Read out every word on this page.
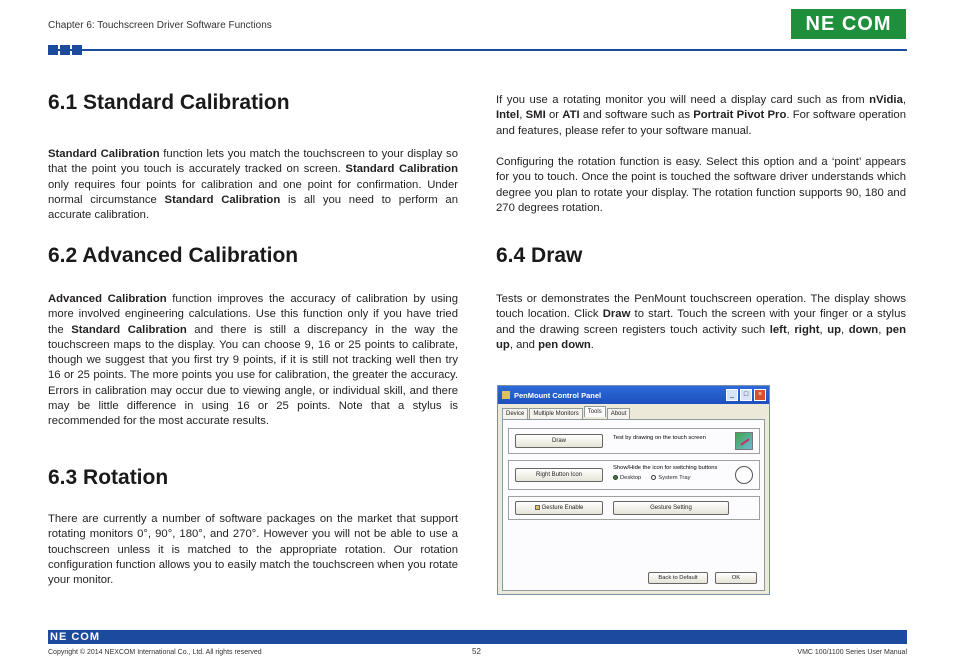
Chapter 6: Touchscreen Driver Software Functions	NE COM
6.1 Standard Calibration

Standard Calibration function lets you match the touchscreen to your display so that the point you touch is accurately tracked on screen. Standard Calibration only requires four points for calibration and one point for confirmation. Under normal circumstance Standard Calibration is all you need to perform an accurate calibration.

6.2 Advanced Calibration

Advanced Calibration function improves the accuracy of calibration by using more involved engineering calculations. Use this function only if you have tried the Standard Calibration and there is still a discrepancy in the way the touchscreen maps to the display. You can choose 9, 16 or 25 points to calibrate, though we suggest that you first try 9 points, if it is still not tracking well then try 16 or 25 points. The more points you use for calibration, the greater the accuracy. Errors in calibration may occur due to viewing angle, or individual skill, and there may be little difference in using 16 or 25 points. Note that a stylus is recommended for the most accurate results.

6.3 Rotation

There are currently a number of software packages on the market that support rotating monitors 0°, 90°, 180°, and 270°. However you will not be able to use a touchscreen unless it is matched to the appropriate rotation. Our rotation configuration function allows you to easily match the touchscreen when you rotate your monitor.

If you use a rotating monitor you will need a display card such as from nVidia, Intel, SMI or ATI and software such as Portrait Pivot Pro. For software operation and features, please refer to your software manual.

Configuring the rotation function is easy. Select this option and a ‘point’ appears for you to touch. Once the point is touched the software driver understands which degree you plan to rotate your display. The rotation function supports 90, 180 and 270 degrees rotation.

6.4 Draw

Tests or demonstrates the PenMount touchscreen operation. The display shows touch location. Click Draw to start. Touch the screen with your finger or a stylus and the drawing screen registers touch activity such left, right, up, down, pen up, and pen down.

PenMount Control Panel	_	□	×
Device	Multiple Monitors	Tools	About
Draw	Test by drawing on the touch screen
Right Button Icon
Show/Hide the icon for switching buttons
Desktop	System Tray
Gesture Enable	Gesture Setting
Back to Default	OK
NE COM
Copyright © 2014 NEXCOM International Co., Ltd. All rights reserved	52	VMC 100/1100 Series User Manual
